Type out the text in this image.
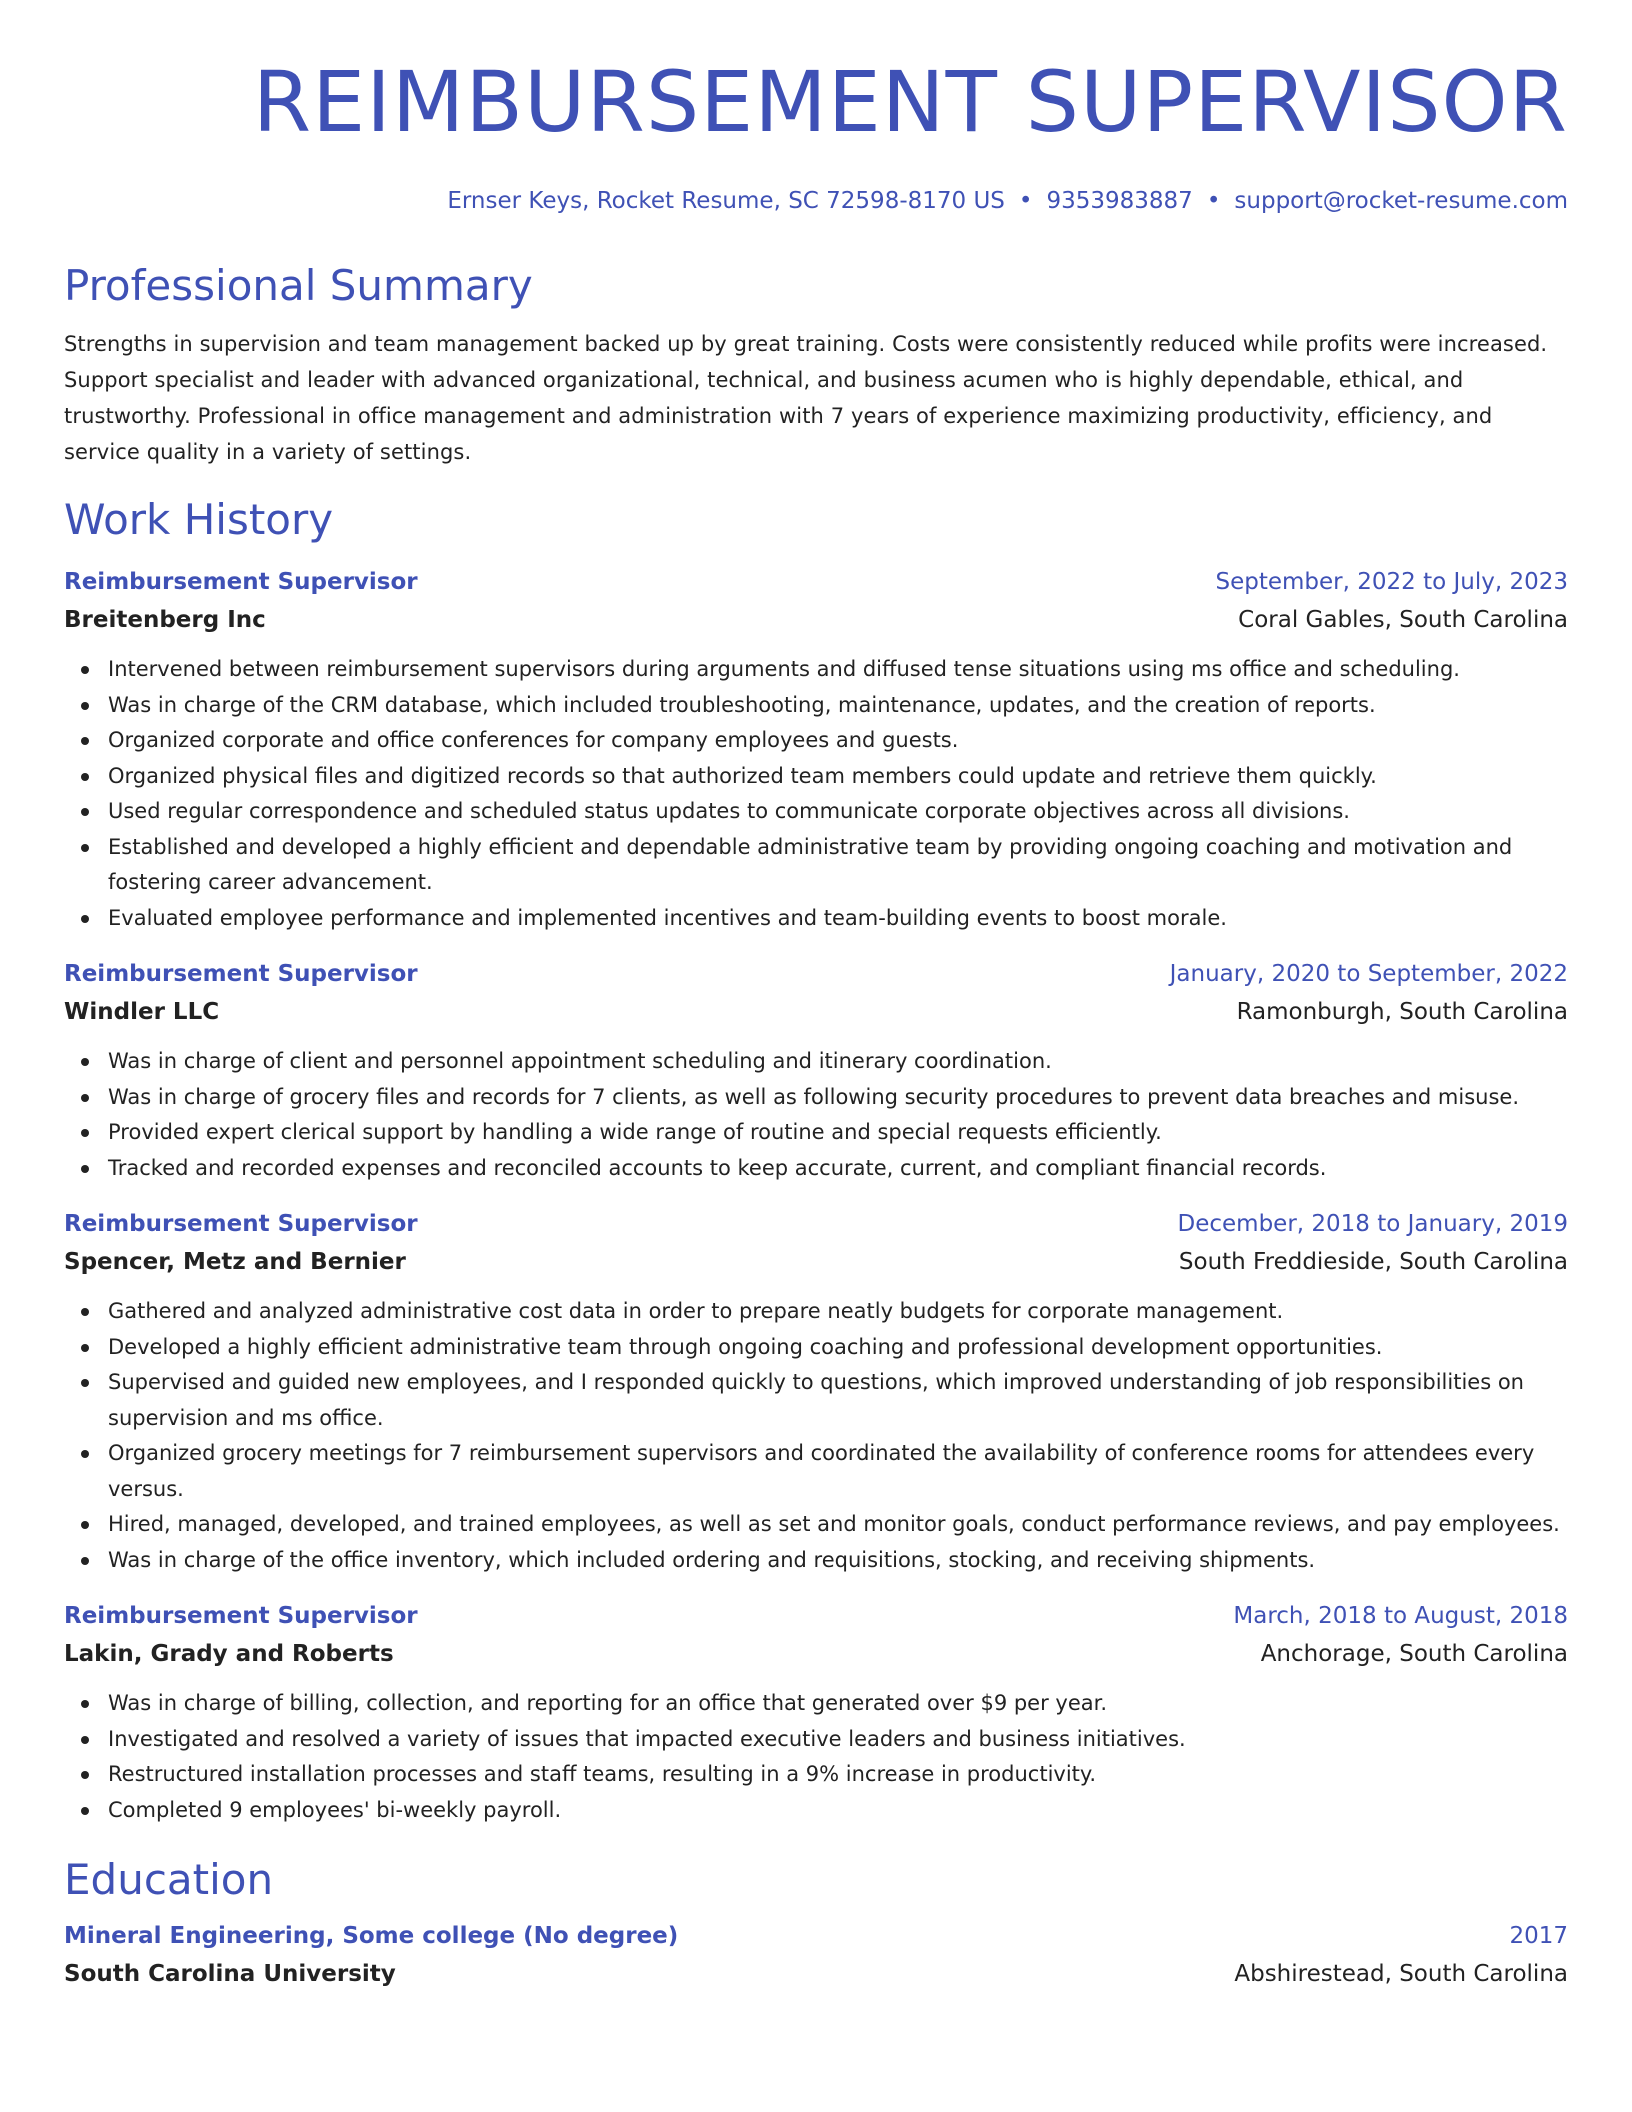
REIMBURSEMENT SUPERVISOR
Ernser Keys, Rocket Resume, SC 72598-8170 US • 9353983887 • support@rocket-resume.com
Professional Summary
Strengths in supervision and team management backed up by great training. Costs were consistently reduced while profits were increased. Support specialist and leader with advanced organizational, technical, and business acumen who is highly dependable, ethical, and trustworthy. Professional in office management and administration with 7 years of experience maximizing productivity, efficiency, and service quality in a variety of settings.
Work History
Reimbursement Supervisor	September, 2022 to July, 2023
Breitenberg Inc	Coral Gables, South Carolina
Intervened between reimbursement supervisors during arguments and diffused tense situations using ms office and scheduling.
Was in charge of the CRM database, which included troubleshooting, maintenance, updates, and the creation of reports.
Organized corporate and office conferences for company employees and guests.
Organized physical files and digitized records so that authorized team members could update and retrieve them quickly.
Used regular correspondence and scheduled status updates to communicate corporate objectives across all divisions.
Established and developed a highly efficient and dependable administrative team by providing ongoing coaching and motivation and fostering career advancement.
Evaluated employee performance and implemented incentives and team-building events to boost morale.
Reimbursement Supervisor	January, 2020 to September, 2022
Windler LLC	Ramonburgh, South Carolina
Was in charge of client and personnel appointment scheduling and itinerary coordination.
Was in charge of grocery files and records for 7 clients, as well as following security procedures to prevent data breaches and misuse.
Provided expert clerical support by handling a wide range of routine and special requests efficiently.
Tracked and recorded expenses and reconciled accounts to keep accurate, current, and compliant financial records.
Reimbursement Supervisor	December, 2018 to January, 2019
Spencer, Metz and Bernier	South Freddieside, South Carolina
Gathered and analyzed administrative cost data in order to prepare neatly budgets for corporate management.
Developed a highly efficient administrative team through ongoing coaching and professional development opportunities.
Supervised and guided new employees, and I responded quickly to questions, which improved understanding of job responsibilities on supervision and ms office.
Organized grocery meetings for 7 reimbursement supervisors and coordinated the availability of conference rooms for attendees every versus.
Hired, managed, developed, and trained employees, as well as set and monitor goals, conduct performance reviews, and pay employees.
Was in charge of the office inventory, which included ordering and requisitions, stocking, and receiving shipments.
Reimbursement Supervisor	March, 2018 to August, 2018
Lakin, Grady and Roberts	Anchorage, South Carolina
Was in charge of billing, collection, and reporting for an office that generated over $9 per year.
Investigated and resolved a variety of issues that impacted executive leaders and business initiatives.
Restructured installation processes and staff teams, resulting in a 9% increase in productivity.
Completed 9 employees' bi-weekly payroll.
Education
Mineral Engineering, Some college (No degree)	2017
South Carolina University	Abshirestead, South Carolina
